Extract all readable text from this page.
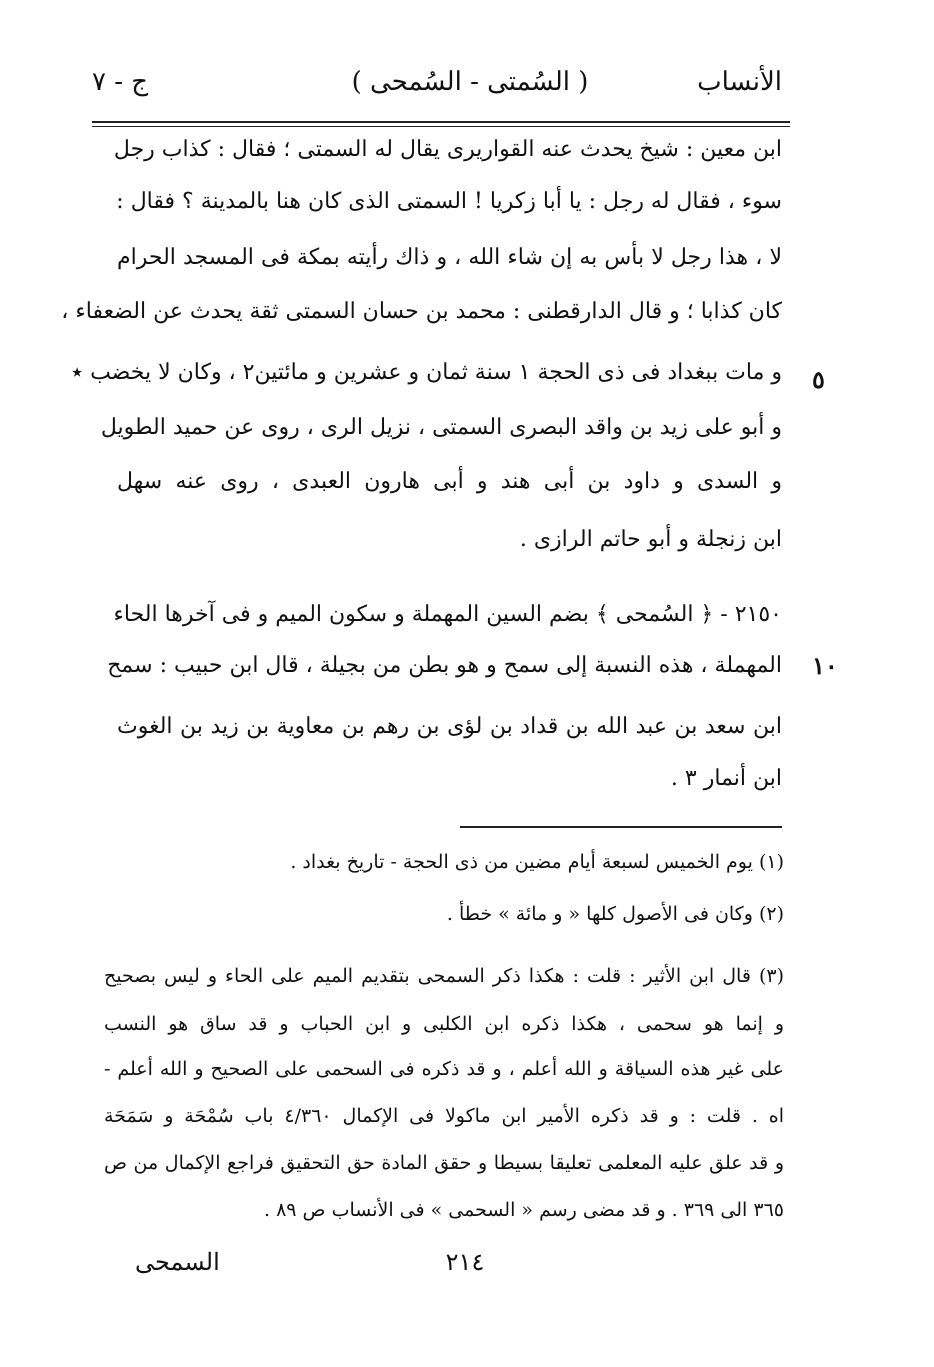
الأنساب
( السُمتى - السُمحى )
ج - ٧
ابن معين : شيخ يحدث عنه القواريرى يقال له السمتى ؛ فقال : كذاب رجل
سوء ، فقال له رجل : يا أبا زكريا ! السمتى الذى كان هنا بالمدينة ؟ فقال :
لا ، هذا رجل لا بأس به إن شاء الله ، و ذاك رأيته بمكة فى المسجد الحرام
كان كذابا ؛ و قال الدارقطنى : محمد بن حسان السمتى ثقة يحدث عن الضعفاء ،
و مات ببغداد فى ذى الحجة ١ سنة ثمان و عشرين و مائتين٢ ، وكان لا يخضب ٭
و أبو على زيد بن واقد البصرى السمتى ، نزيل الرى ، روى عن حميد الطويل
و السدى و داود بن أبى هند و أبى هارون العبدى ، روى عنه سهل
ابن زنجلة و أبو حاتم الرازى .
٥
٢١٥٠ - ﴿ السُمحى ﴾ بضم السين المهملة و سكون الميم و فى آخرها الحاء
المهملة ، هذه النسبة إلى سمح و هو بطن من بجيلة ، قال ابن حبيب : سمح
ابن سعد بن عبد الله بن قداد بن لؤى بن رهم بن معاوية بن زيد بن الغوث
ابن أنمار ٣ .
١٠
(١) يوم الخميس لسبعة أيام مضين من ذى الحجة - تاريخ بغداد .
(٢) وكان فى الأصول كلها « و مائة » خطأ .
(٣) قال ابن الأثير : قلت : هكذا ذكر السمحى بتقديم الميم على الحاء و ليس بصحيح
و إنما هو سحمى ، هكذا ذكره ابن الكلبى و ابن الحباب و قد ساق هو النسب
على غير هذه السياقة و الله أعلم ، و قد ذكره فى السحمى على الصحيح و الله أعلم -
اه . قلت : و قد ذكره الأمير ابن ماكولا فى الإكمال ٤/٣٦٠ باب سُمْحَة و سَمَحَة
و قد علق عليه المعلمى تعليقا بسيطا و حقق المادة حق التحقيق فراجع الإكمال من ص
٣٦٥ الى ٣٦٩ . و قد مضى رسم « السحمى » فى الأنساب ص ٨٩ .
٢١٤
السمحى
